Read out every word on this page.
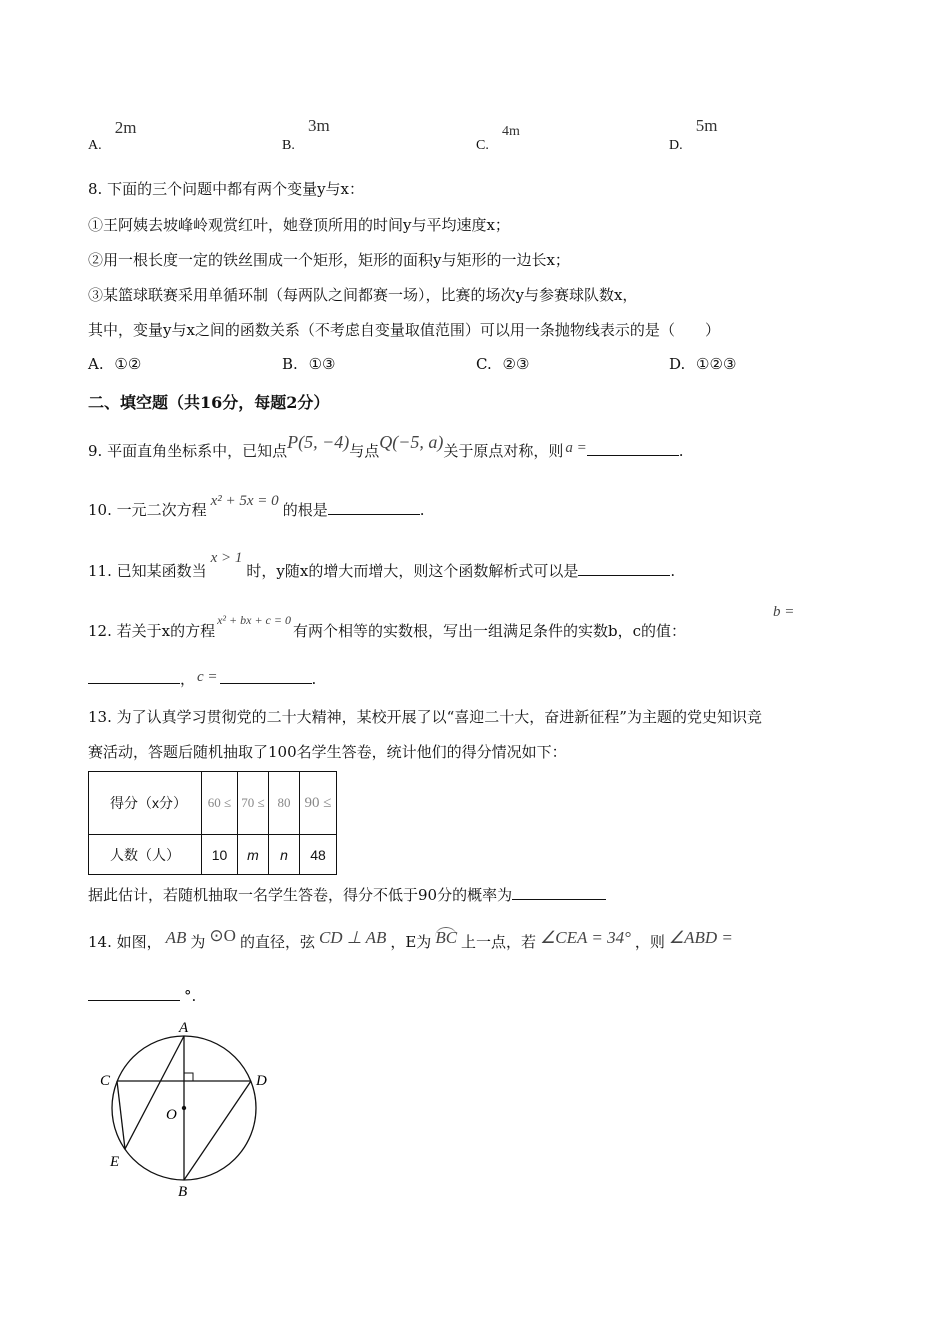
A. 2m
B. 3m
C. 4m
D. 5m
8. 下面的三个问题中都有两个变量y与x：
①王阿姨去坡峰岭观赏红叶，她登顶所用的时间y与平均速度x；
②用一根长度一定的铁丝围成一个矩形，矩形的面积y与矩形的一边长x；
③某篮球联赛采用单循环制（每两队之间都赛一场），比赛的场次y与参赛球队数x，
其中，变量y与x之间的函数关系（不考虑自变量取值范围）可以用一条抛物线表示的是（　　）
A. ①②	B. ①③	C. ②③	D. ①②③
二、填空题（共16分，每题2分）
9. 平面直角坐标系中，已知点P(5, −4)与点Q(−5, a)关于原点对称，则 a =	.
10. 一元二次方程 x² + 5x = 0 的根是	.
11. 已知某函数当x > 1时，y随x的增大而增大，则这个函数解析式可以是	.
12. 若关于x的方程$^{x^2 + bx + c = 0}$有两个相等的实数根，写出一组满足条件的实数b，c的值：
b =
， c =	.
13. 为了认真学习贯彻党的二十大精神，某校开展了以“喜迎二十大，奋进新征程”为主题的党史知识竞
赛活动，答题后随机抽取了100名学生答卷，统计他们的得分情况如下：
得分（x分）	60 ≤	70 ≤	80	90 ≤
人数（人）	10	m	n	48
据此估计，若随机抽取一名学生答卷，得分不低于90分的概率为
14. 如图， AB 为 ⊙O 的直径，弦 CD ⊥ AB ，E为 BC 上一点，若 ∠CEA = 34° ，则 ∠ABD =
°.
A
B
C	D
E
O
